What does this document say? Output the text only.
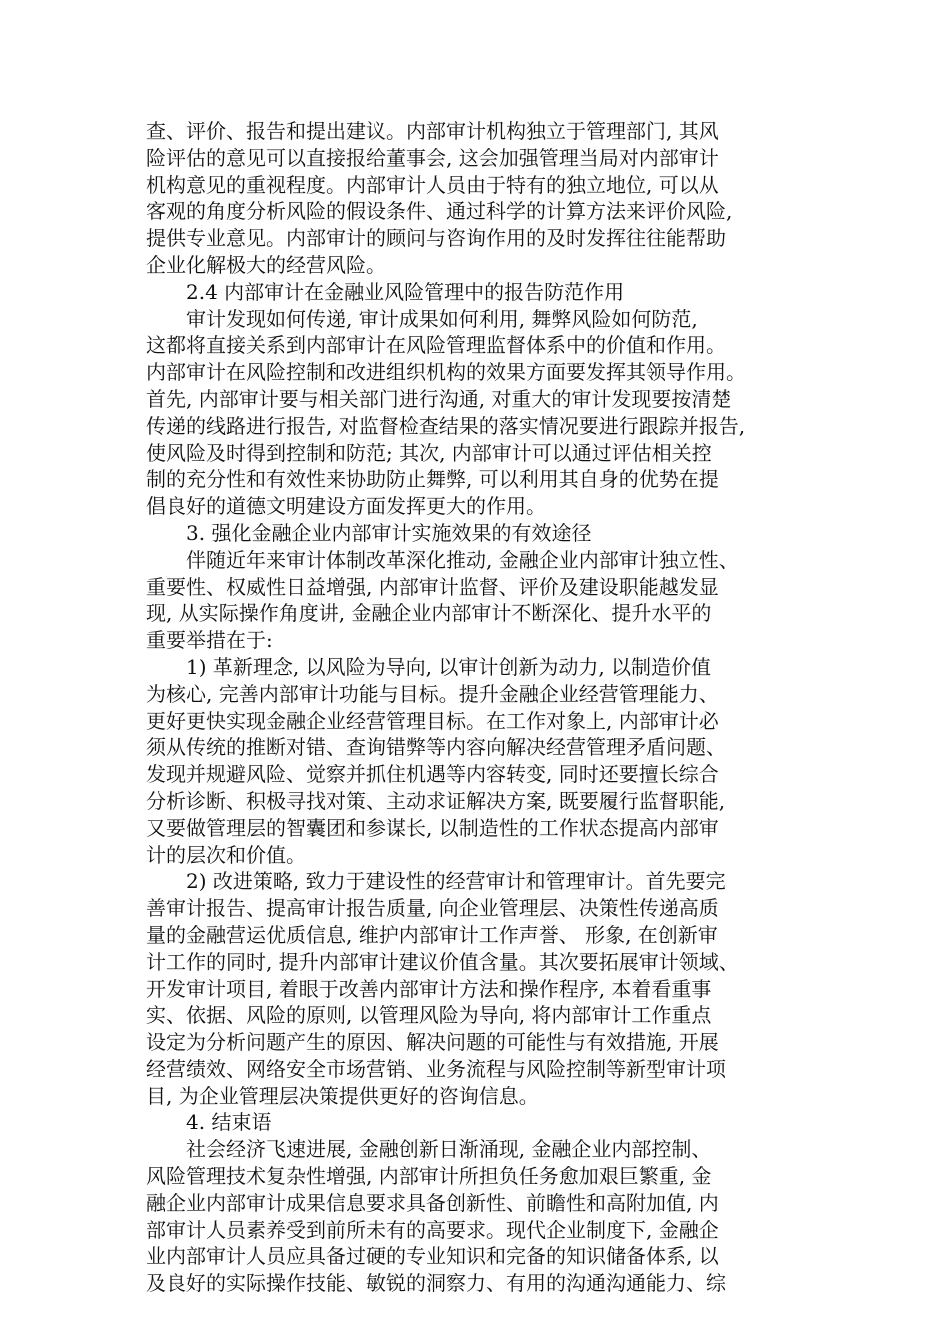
查、评价、报告和提出建议。内部审计机构独立于管理部门, 其风
险评估的意见可以直接报给董事会, 这会加强管理当局对内部审计
机构意见的重视程度。内部审计人员由于特有的独立地位, 可以从
客观的角度分析风险的假设条件、通过科学的计算方法来评价风险,
提供专业意见。内部审计的顾问与咨询作用的及时发挥往往能帮助
企业化解极大的经营风险。
2.4 内部审计在金融业风险管理中的报告防范作用
审计发现如何传递, 审计成果如何利用, 舞弊风险如何防范,
这都将直接关系到内部审计在风险管理监督体系中的价值和作用。
内部审计在风险控制和改进组织机构的效果方面要发挥其领导作用。
首先, 内部审计要与相关部门进行沟通, 对重大的审计发现要按清楚
传递的线路进行报告, 对监督检查结果的落实情况要进行跟踪并报告,
使风险及时得到控制和防范; 其次, 内部审计可以通过评估相关控
制的充分性和有效性来协助防止舞弊, 可以利用其自身的优势在提
倡良好的道德文明建设方面发挥更大的作用。
3. 强化金融企业内部审计实施效果的有效途径
伴随近年来审计体制改革深化推动, 金融企业内部审计独立性、
重要性、权威性日益增强, 内部审计监督、评价及建设职能越发显
现, 从实际操作角度讲, 金融企业内部审计不断深化、提升水平的
重要举措在于:
1) 革新理念, 以风险为导向, 以审计创新为动力, 以制造价值
为核心, 完善内部审计功能与目标。提升金融企业经营管理能力、
更好更快实现金融企业经营管理目标。在工作对象上, 内部审计必
须从传统的推断对错、查询错弊等内容向解决经营管理矛盾问题、
发现并规避风险、觉察并抓住机遇等内容转变, 同时还要擅长综合
分析诊断、积极寻找对策、主动求证解决方案, 既要履行监督职能,
又要做管理层的智囊团和参谋长, 以制造性的工作状态提高内部审
计的层次和价值。
2) 改进策略, 致力于建设性的经营审计和管理审计。首先要完
善审计报告、提高审计报告质量, 向企业管理层、决策性传递高质
量的金融营运优质信息, 维护内部审计工作声誉、 形象, 在创新审
计工作的同时, 提升内部审计建议价值含量。其次要拓展审计领域、
开发审计项目, 着眼于改善内部审计方法和操作程序, 本着看重事
实、依据、风险的原则, 以管理风险为导向, 将内部审计工作重点
设定为分析问题产生的原因、解决问题的可能性与有效措施, 开展
经营绩效、网络安全市场营销、业务流程与风险控制等新型审计项
目, 为企业管理层决策提供更好的咨询信息。
4. 结束语
社会经济飞速进展, 金融创新日渐涌现, 金融企业内部控制、
风险管理技术复杂性增强, 内部审计所担负任务愈加艰巨繁重, 金
融企业内部审计成果信息要求具备创新性、前瞻性和高附加值, 内
部审计人员素养受到前所未有的高要求。现代企业制度下, 金融企
业内部审计人员应具备过硬的专业知识和完备的知识储备体系, 以
及良好的实际操作技能、敏锐的洞察力、有用的沟通沟通能力、综
